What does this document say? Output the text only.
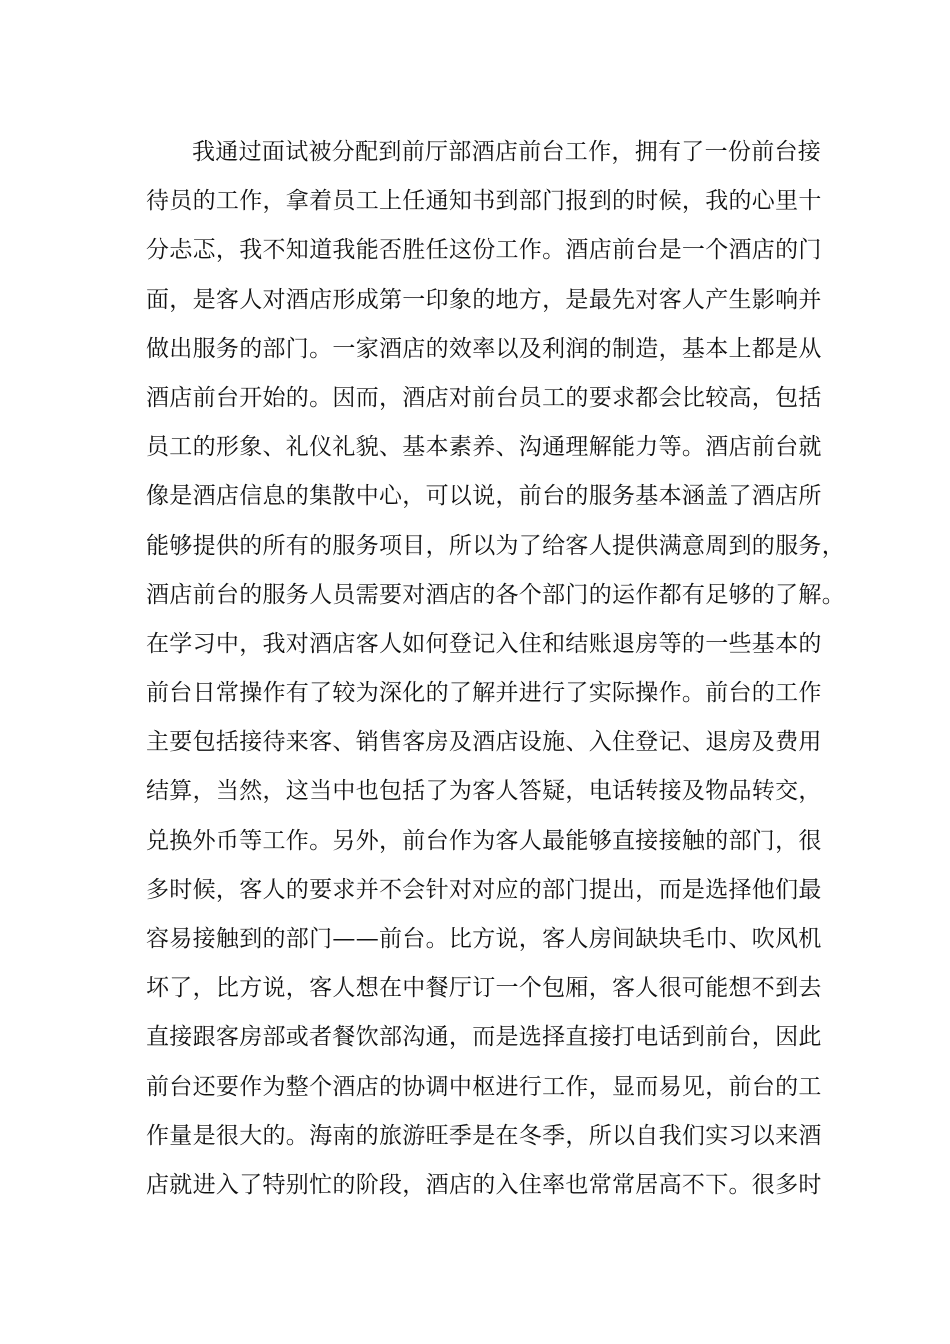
我通过面试被分配到前厅部酒店前台工作，拥有了一份前台接
待员的工作，拿着员工上任通知书到部门报到的时候，我的心里十
分忐忑，我不知道我能否胜任这份工作。酒店前台是一个酒店的门
面，是客人对酒店形成第一印象的地方，是最先对客人产生影响并
做出服务的部门。一家酒店的效率以及利润的制造，基本上都是从
酒店前台开始的。因而，酒店对前台员工的要求都会比较高，包括
员工的形象、礼仪礼貌、基本素养、沟通理解能力等。酒店前台就
像是酒店信息的集散中心，可以说，前台的服务基本涵盖了酒店所
能够提供的所有的服务项目，所以为了给客人提供满意周到的服务，
酒店前台的服务人员需要对酒店的各个部门的运作都有足够的了解。
在学习中，我对酒店客人如何登记入住和结账退房等的一些基本的
前台日常操作有了较为深化的了解并进行了实际操作。前台的工作
主要包括接待来客、销售客房及酒店设施、入住登记、退房及费用
结算，当然，这当中也包括了为客人答疑，电话转接及物品转交，
兑换外币等工作。另外，前台作为客人最能够直接接触的部门，很
多时候，客人的要求并不会针对对应的部门提出，而是选择他们最
容易接触到的部门——前台。比方说，客人房间缺块毛巾、吹风机
坏了，比方说，客人想在中餐厅订一个包厢，客人很可能想不到去
直接跟客房部或者餐饮部沟通，而是选择直接打电话到前台，因此
前台还要作为整个酒店的协调中枢进行工作，显而易见，前台的工
作量是很大的。海南的旅游旺季是在冬季，所以自我们实习以来酒
店就进入了特别忙的阶段，酒店的入住率也常常居高不下。很多时
